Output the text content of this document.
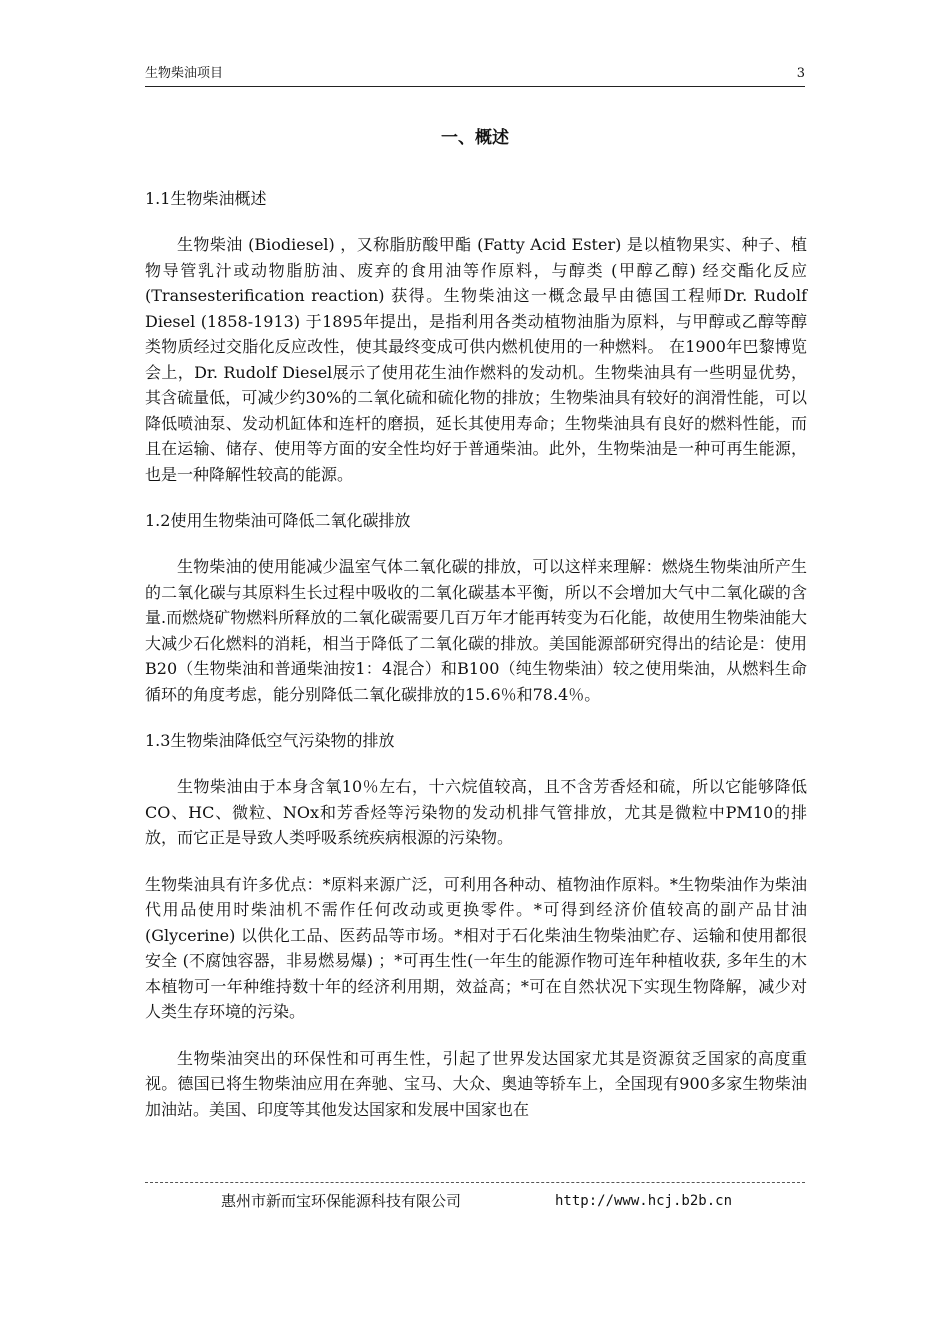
生物柴油项目	3
一、概述
1.1生物柴油概述

生物柴油 (Biodiesel) ，又称脂肪酸甲酯 (Fatty Acid Ester) 是以植物果实、种子、植物导管乳汁或动物脂肪油、废弃的食用油等作原料，与醇类 (甲醇乙醇) 经交酯化反应 (Transesterification reaction) 获得。生物柴油这一概念最早由德国工程师Dr. Rudolf Diesel (1858-1913) 于1895年提出，是指利用各类动植物油脂为原料，与甲醇或乙醇等醇类物质经过交脂化反应改性，使其最终变成可供内燃机使用的一种燃料。 在1900年巴黎博览会上，Dr. Rudolf Diesel展示了使用花生油作燃料的发动机。生物柴油具有一些明显优势，其含硫量低，可减少约30%的二氧化硫和硫化物的排放；生物柴油具有较好的润滑性能，可以降低喷油泵、发动机缸体和连杆的磨损，延长其使用寿命；生物柴油具有良好的燃料性能，而且在运输、储存、使用等方面的安全性均好于普通柴油。此外，生物柴油是一种可再生能源，也是一种降解性较高的能源。

1.2使用生物柴油可降低二氧化碳排放

生物柴油的使用能减少温室气体二氧化碳的排放，可以这样来理解：燃烧生物柴油所产生的二氧化碳与其原料生长过程中吸收的二氧化碳基本平衡，所以不会增加大气中二氧化碳的含量.而燃烧矿物燃料所释放的二氧化碳需要几百万年才能再转变为石化能，故使用生物柴油能大大减少石化燃料的消耗，相当于降低了二氧化碳的排放。美国能源部研究得出的结论是：使用B20（生物柴油和普通柴油按1：4混合）和B100（纯生物柴油）较之使用柴油，从燃料生命循环的角度考虑，能分别降低二氧化碳排放的15.6％和78.4％。

1.3生物柴油降低空气污染物的排放

生物柴油由于本身含氧10％左右，十六烷值较高，且不含芳香烃和硫，所以它能够降低CO、HC、微粒、NOx和芳香烃等污染物的发动机排气管排放，尤其是微粒中PM10的排放，而它正是导致人类呼吸系统疾病根源的污染物。

生物柴油具有许多优点：*原料来源广泛，可利用各种动、植物油作原料。*生物柴油作为柴油代用品使用时柴油机不需作任何改动或更换零件。*可得到经济价值较高的副产品甘油 (Glycerine) 以供化工品、医药品等市场。*相对于石化柴油生物柴油贮存、运输和使用都很安全 (不腐蚀容器，非易燃易爆) ；*可再生性(一年生的能源作物可连年种植收获, 多年生的木本植物可一年种维持数十年的经济利用期，效益高；*可在自然状况下实现生物降解，减少对人类生存环境的污染。

生物柴油突出的环保性和可再生性，引起了世界发达国家尤其是资源贫乏国家的高度重视。德国已将生物柴油应用在奔驰、宝马、大众、奥迪等轿车上，全国现有900多家生物柴油加油站。美国、印度等其他发达国家和发展中国家也在

惠州市新而宝环保能源科技有限公司	http://www.hcj.b2b.cn
